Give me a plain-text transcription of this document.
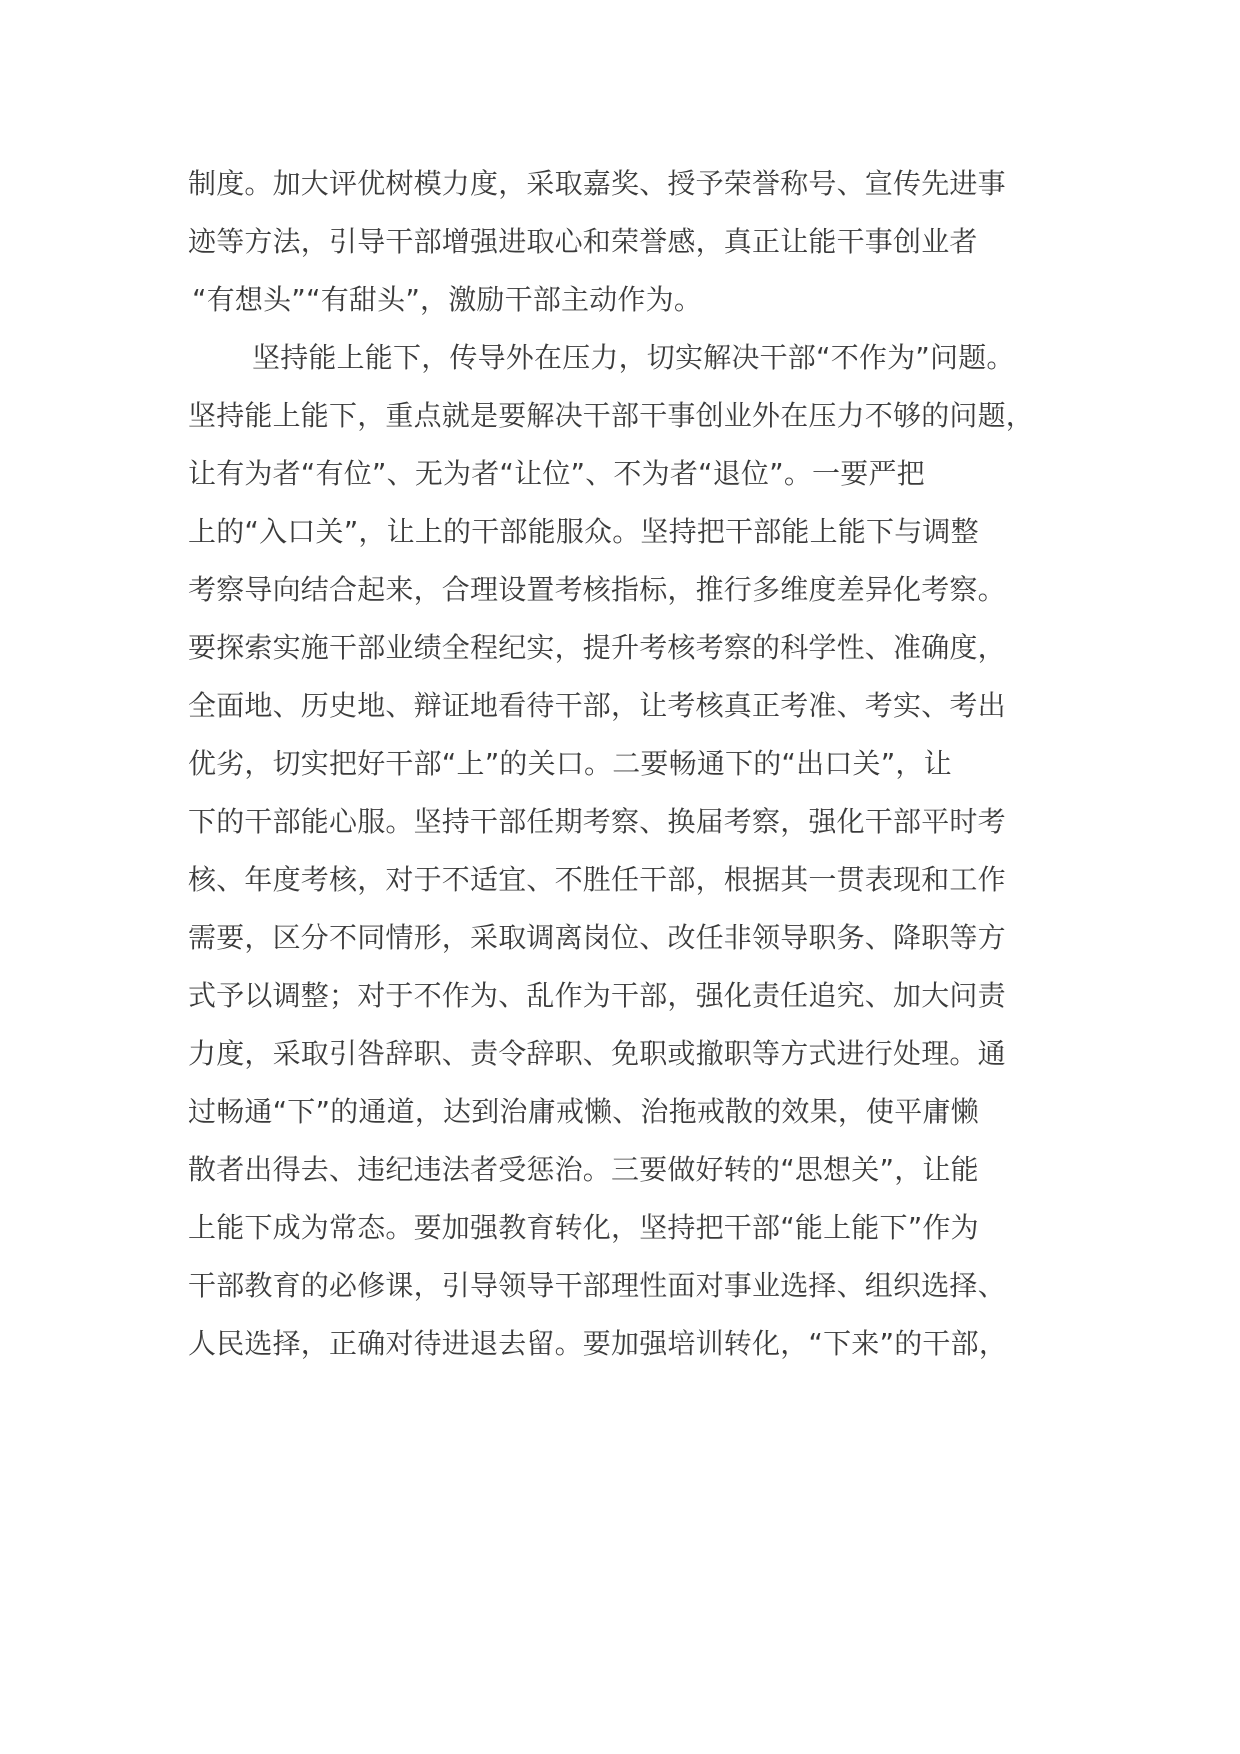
制度。加大评优树模力度，采取嘉奖、授予荣誉称号、宣传先进事
迹等方法，引导干部增强进取心和荣誉感，真正让能干事创业者
“有想头”“有甜头”，激励干部主动作为。
坚持能上能下，传导外在压力，切实解决干部“不作为”问题。
坚持能上能下，重点就是要解决干部干事创业外在压力不够的问题，
让有为者“有位”、无为者“让位”、不为者“退位”。一要严把
上的“入口关”，让上的干部能服众。坚持把干部能上能下与调整
考察导向结合起来，合理设置考核指标，推行多维度差异化考察。
要探索实施干部业绩全程纪实，提升考核考察的科学性、准确度，
全面地、历史地、辩证地看待干部，让考核真正考准、考实、考出
优劣，切实把好干部“上”的关口。二要畅通下的“出口关”，让
下的干部能心服。坚持干部任期考察、换届考察，强化干部平时考
核、年度考核，对于不适宜、不胜任干部，根据其一贯表现和工作
需要，区分不同情形，采取调离岗位、改任非领导职务、降职等方
式予以调整；对于不作为、乱作为干部，强化责任追究、加大问责
力度，采取引咎辞职、责令辞职、免职或撤职等方式进行处理。通
过畅通“下”的通道，达到治庸戒懒、治拖戒散的效果，使平庸懒
散者出得去、违纪违法者受惩治。三要做好转的“思想关”，让能
上能下成为常态。要加强教育转化，坚持把干部“能上能下”作为
干部教育的必修课，引导领导干部理性面对事业选择、组织选择、
人民选择，正确对待进退去留。要加强培训转化，“下来”的干部，
